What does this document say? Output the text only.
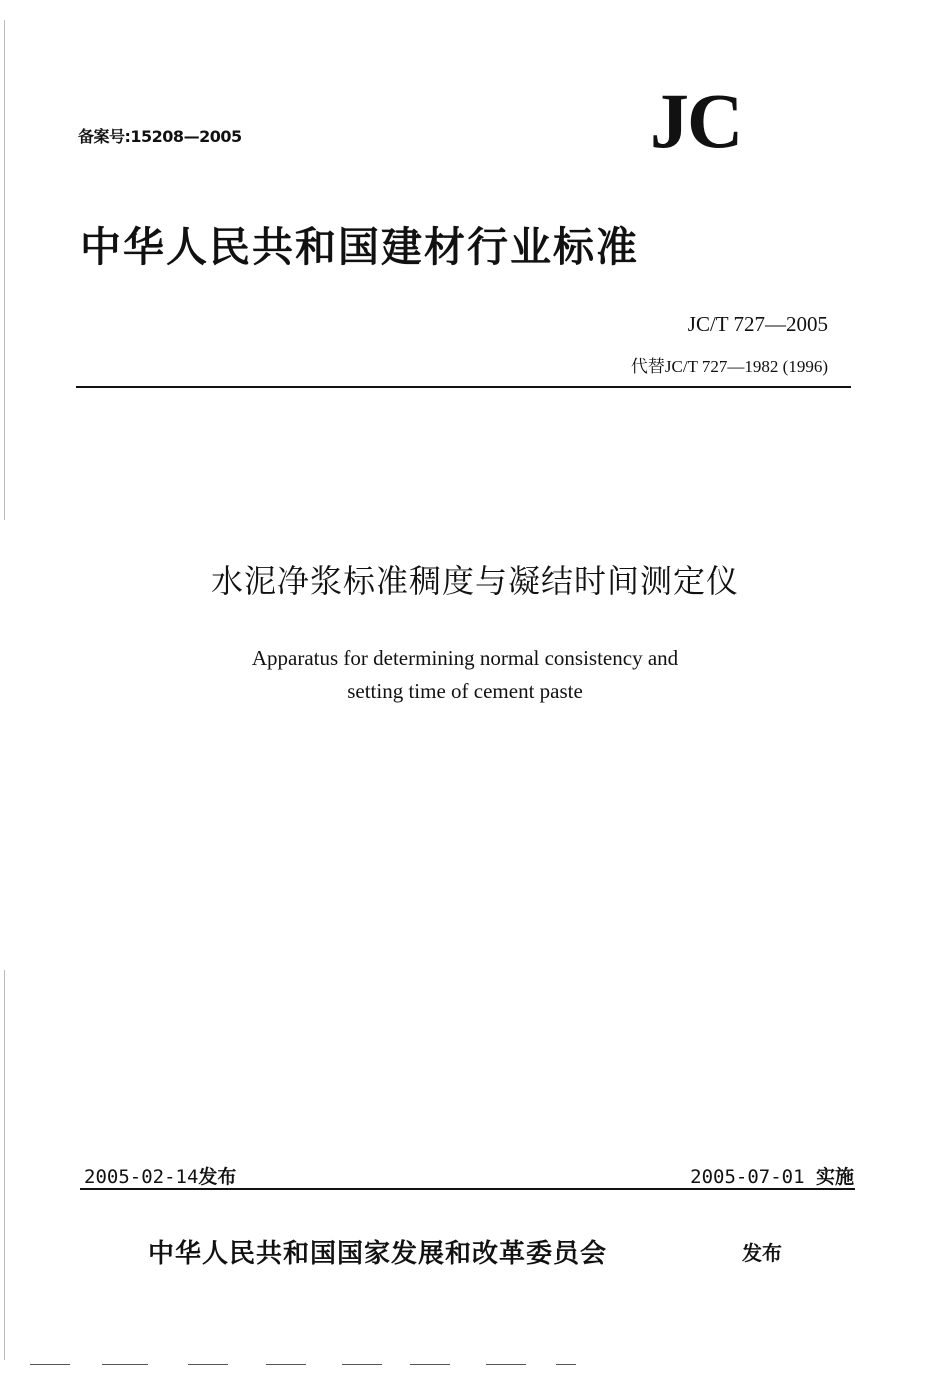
备案号:15208—2005	JC
中华人民共和国建材行业标准
JC/T 727—2005
代替JC/T 727—1982 (1996)
水泥净浆标准稠度与凝结时间测定仪
Apparatus for determining normal consistency and
setting time of cement paste
2005-02-14发布	2005-07-01 实施
中华人民共和国国家发展和改革委员会	发布
